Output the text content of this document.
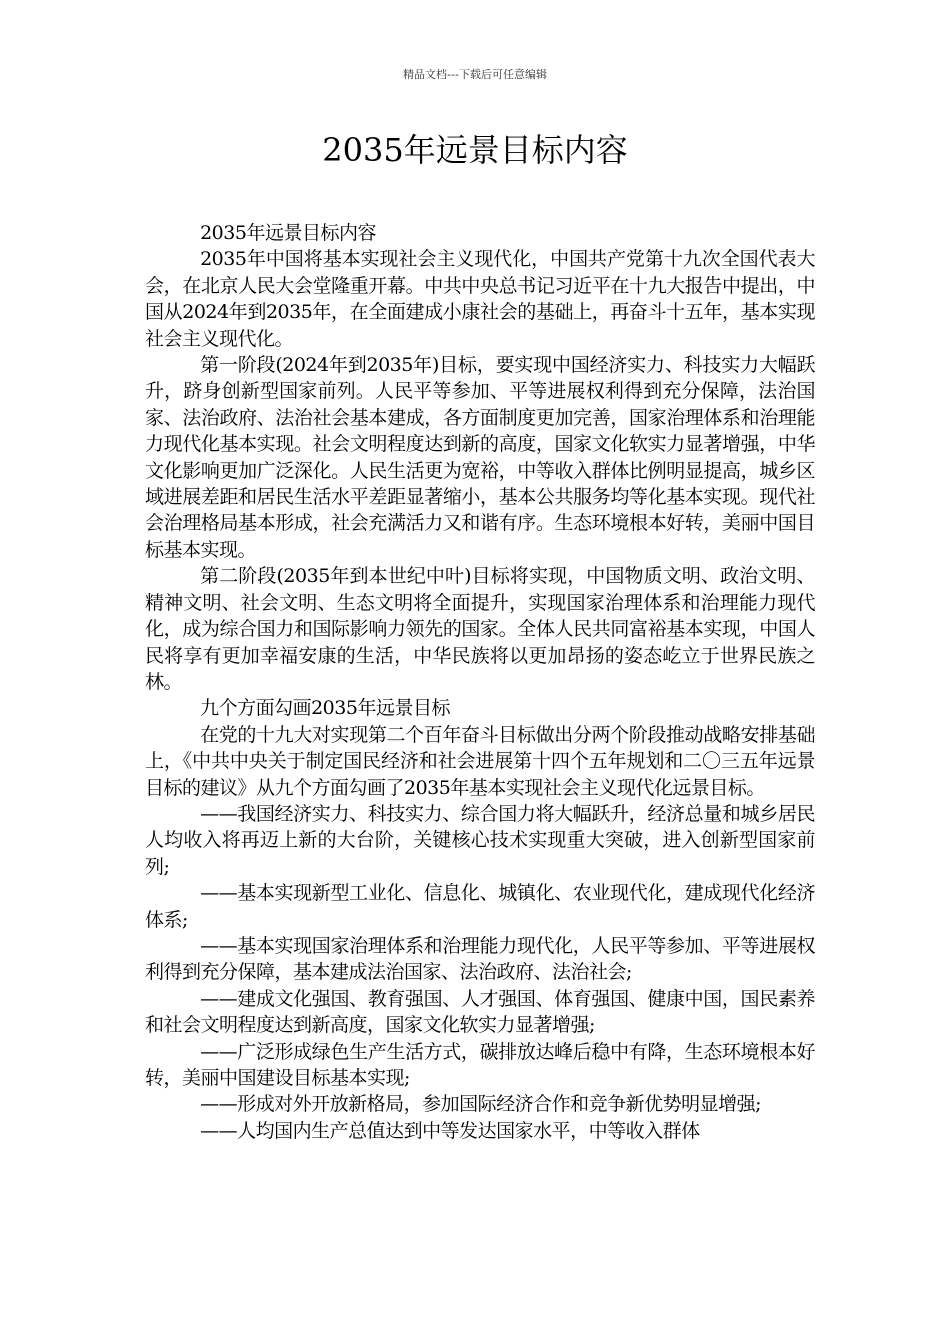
精品文档---下载后可任意编辑
2035年远景目标内容

2035年远景目标内容

2035年中国将基本实现社会主义现代化，中国共产党第十九次全国代表大会，在北京人民大会堂隆重开幕。中共中央总书记习近平在十九大报告中提出，中国从2024年到2035年，在全面建成小康社会的基础上，再奋斗十五年，基本实现社会主义现代化。

第一阶段(2024年到2035年)目标，要实现中国经济实力、科技实力大幅跃升，跻身创新型国家前列。人民平等参加、平等进展权利得到充分保障，法治国家、法治政府、法治社会基本建成，各方面制度更加完善，国家治理体系和治理能力现代化基本实现。社会文明程度达到新的高度，国家文化软实力显著增强，中华文化影响更加广泛深化。人民生活更为宽裕，中等收入群体比例明显提高，城乡区域进展差距和居民生活水平差距显著缩小，基本公共服务均等化基本实现。现代社会治理格局基本形成，社会充满活力又和谐有序。生态环境根本好转，美丽中国目标基本实现。

第二阶段(2035年到本世纪中叶)目标将实现，中国物质文明、政治文明、精神文明、社会文明、生态文明将全面提升，实现国家治理体系和治理能力现代化，成为综合国力和国际影响力领先的国家。全体人民共同富裕基本实现，中国人民将享有更加幸福安康的生活，中华民族将以更加昂扬的姿态屹立于世界民族之林。

九个方面勾画2035年远景目标

在党的十九大对实现第二个百年奋斗目标做出分两个阶段推动战略安排基础上，《中共中央关于制定国民经济和社会进展第十四个五年规划和二〇三五年远景目标的建议》从九个方面勾画了2035年基本实现社会主义现代化远景目标。

——我国经济实力、科技实力、综合国力将大幅跃升，经济总量和城乡居民人均收入将再迈上新的大台阶，关键核心技术实现重大突破，进入创新型国家前列;

——基本实现新型工业化、信息化、城镇化、农业现代化，建成现代化经济体系;

——基本实现国家治理体系和治理能力现代化，人民平等参加、平等进展权利得到充分保障，基本建成法治国家、法治政府、法治社会;

——建成文化强国、教育强国、人才强国、体育强国、健康中国，国民素养和社会文明程度达到新高度，国家文化软实力显著增强;

——广泛形成绿色生产生活方式，碳排放达峰后稳中有降，生态环境根本好转，美丽中国建设目标基本实现;

——形成对外开放新格局，参加国际经济合作和竞争新优势明显增强;

——人均国内生产总值达到中等发达国家水平，中等收入群体
